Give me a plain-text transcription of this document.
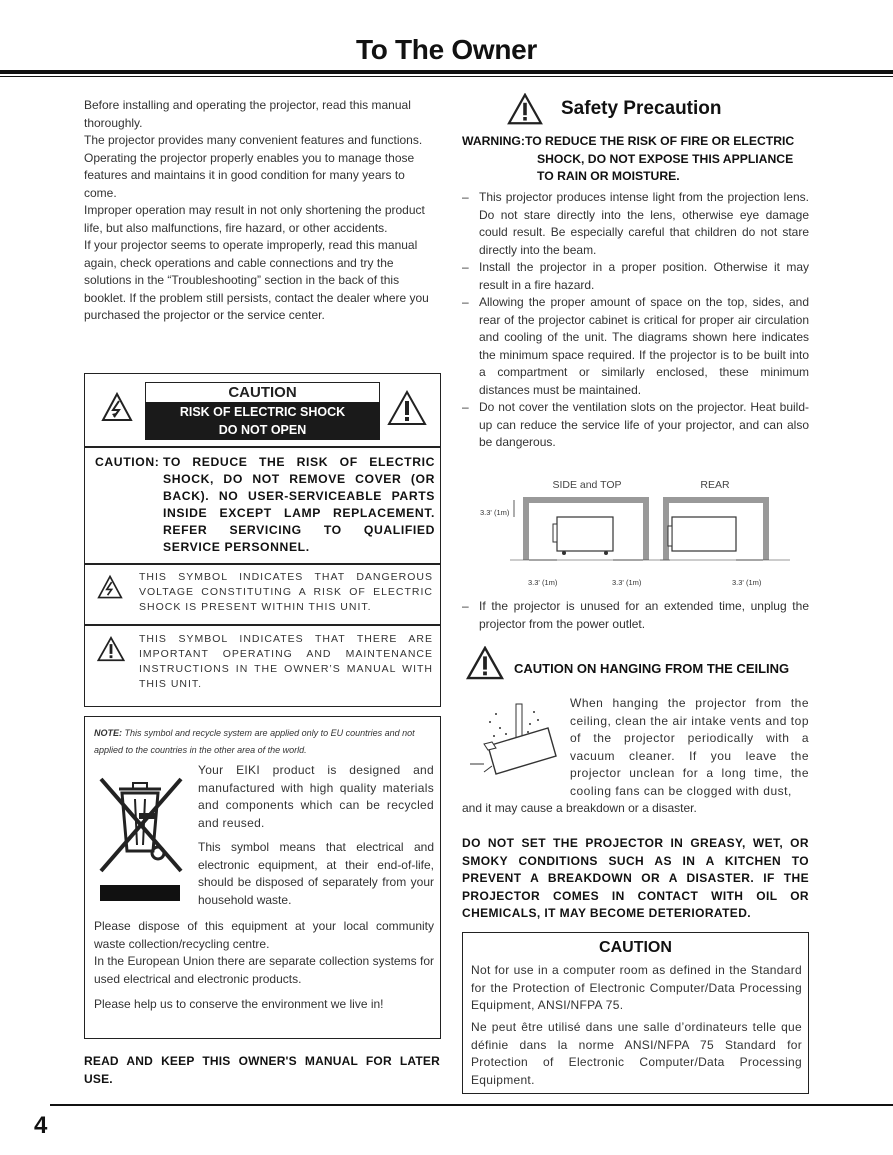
To The Owner

Before installing and operating the projector, read this manual thoroughly.

The projector provides many convenient features and functions. Operating the projector properly enables you to manage those features and maintains it in good condition for many years to come.

Improper operation may result in not only shortening the product life, but also malfunctions, fire hazard, or other accidents.

If your projector seems to operate improperly, read this manual again, check operations and cable connections and try the solutions in the “Troubleshooting” section in the back of this booklet. If the problem still persists, contact the dealer where you purchased the projector or the service center.

CAUTION
RISK OF ELECTRIC SHOCK
DO NOT OPEN
CAUTION: TO REDUCE THE RISK OF ELECTRIC SHOCK, DO NOT REMOVE COVER (OR BACK). NO USER-SERVICEABLE PARTS INSIDE EXCEPT LAMP REPLACEMENT. REFER SERVICING TO QUALIFIED SERVICE PERSONNEL.
THIS SYMBOL INDICATES THAT DANGEROUS VOLTAGE CONSTITUTING A RISK OF ELECTRIC SHOCK IS PRESENT WITHIN THIS UNIT.
THIS SYMBOL INDICATES THAT THERE ARE IMPORTANT OPERATING AND MAINTENANCE INSTRUCTIONS IN THE OWNER’S MANUAL WITH THIS UNIT.
NOTE: This symbol and recycle system are applied only to EU countries and not applied to the countries in the other area of the world.
Your EIKI product is designed and manufactured with high quality materials and components which can be recycled and reused.
This symbol means that electrical and electronic equipment, at their end-of-life, should be disposed of separately from your household waste.
Please dispose of this equipment at your local community waste collection/recycling centre.
In the European Union there are separate collection systems for used electrical and electronic products.
Please help us to conserve the environment we live in!
READ AND KEEP THIS OWNER'S MANUAL FOR LATER USE.
Safety Precaution
WARNING:TO REDUCE THE RISK OF FIRE OR ELECTRIC
SHOCK, DO NOT EXPOSE THIS APPLIANCE
TO RAIN OR MOISTURE.

– This projector produces intense light from the projection lens. Do not stare directly into the lens, otherwise eye damage could result. Be especially careful that children do not stare directly into the beam.

– Install the projector in a proper position. Otherwise it may result in a fire hazard.

– Allowing the proper amount of space on the top, sides, and rear of the projector cabinet is critical for proper air circulation and cooling of the unit. The diagrams shown here indicates the minimum space required. If the projector is to be built into a compartment or similarly enclosed, these minimum distances must be maintained.

– Do not cover the ventilation slots on the projector. Heat build-up can reduce the service life of your projector, and can also be dangerous.

SIDE and TOP	REAR
3.3' (1m)
3.3' (1m)	3.3' (1m)	3.3' (1m)

– If the projector is unused for an extended time, unplug the projector from the power outlet.

CAUTION ON HANGING FROM THE CEILING
When hanging the projector from the ceiling, clean the air intake vents and top of the projector periodically with a vacuum cleaner. If you leave the projector unclean for a long time, the cooling fans can be clogged with dust,
and it may cause a breakdown or a disaster.
DO NOT SET THE PROJECTOR IN GREASY, WET, OR SMOKY CONDITIONS SUCH AS IN A KITCHEN TO PREVENT A BREAKDOWN OR A DISASTER. IF THE PROJECTOR COMES IN CONTACT WITH OIL OR CHEMICALS, IT MAY BECOME DETERIORATED.
CAUTION
Not for use in a computer room as defined in the Standard for the Protection of Electronic Computer/Data Processing Equipment, ANSI/NFPA 75.
Ne peut être utilisé dans une salle d’ordinateurs telle que définie dans la norme ANSI/NFPA 75 Standard for Protection of Electronic Computer/Data Processing Equipment.
4
